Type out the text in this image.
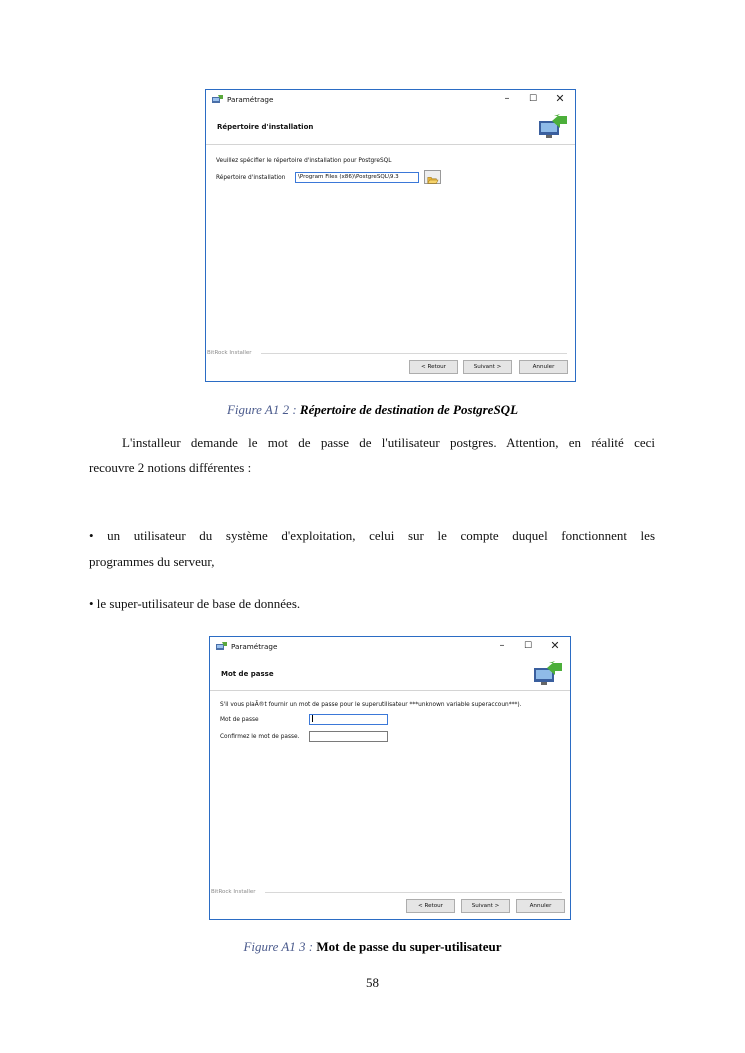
Paramétrage	–	☐	✕
Répertoire d'installation
Veuillez spécifier le répertoire d'installation pour PostgreSQL
Répertoire d'installation	\Program Files (x86)\PostgreSQL\9.3
BitRock Installer
< Retour	Suivant >	Annuler
Figure A1 2 : Répertoire de destination de PostgreSQL
L'installeur demande le mot de passe de l'utilisateur postgres. Attention, en réalité ceci
recouvre 2 notions différentes :
• un utilisateur du système d'exploitation, celui sur le compte duquel fonctionnent les
programmes du serveur,
• le super-utilisateur de base de données.
Paramétrage	–	☐	✕
Mot de passe
S'il vous plaÃ®t fournir un mot de passe pour le superutilisateur ***unknown variable superaccoun***).
Mot de passe
Confirmez le mot de passe.
BitRock Installer
< Retour	Suivant >	Annuler
Figure A1 3 : Mot de passe du super-utilisateur
58
